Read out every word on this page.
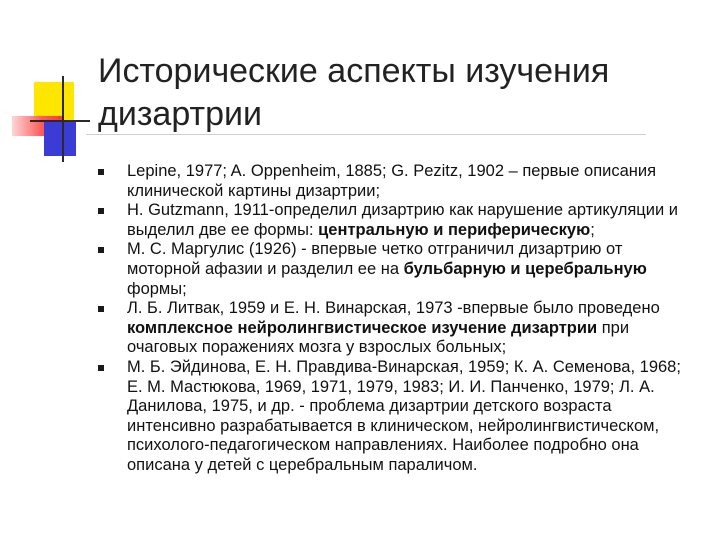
Исторические аспекты изучения дизартрии
Lepine, 1977; A. Oppenheim, 1885; G. Pezitz, 1902 – первые описания клинической картины дизартрии;
H. Gutzmann, 1911-определил дизартрию как нарушение артикуляции и выделил две ее формы: центральную и периферическую;
М. С. Маргулис (1926) - впервые четко отграничил дизартрию от моторной афазии и разделил ее на бульбарную и церебральную формы;
Л. Б. Литвак, 1959 и Е. Н. Винарская, 1973 -впервые было проведено комплексное нейролингвистическое изучение дизартрии при очаговых поражениях мозга у взрослых больных;
М. Б. Эйдинова, Е. Н. Правдива-Винарская, 1959; К. А. Семенова, 1968; Е. М. Мастюкова, 1969, 1971, 1979, 1983; И. И. Панченко, 1979; Л. А. Данилова, 1975, и др. - проблема дизартрии детского возраста интенсивно разрабатывается в клиническом, нейролингвистическом, психолого-педагогическом направлениях. Наиболее подробно она описана у детей с церебральным параличом.
